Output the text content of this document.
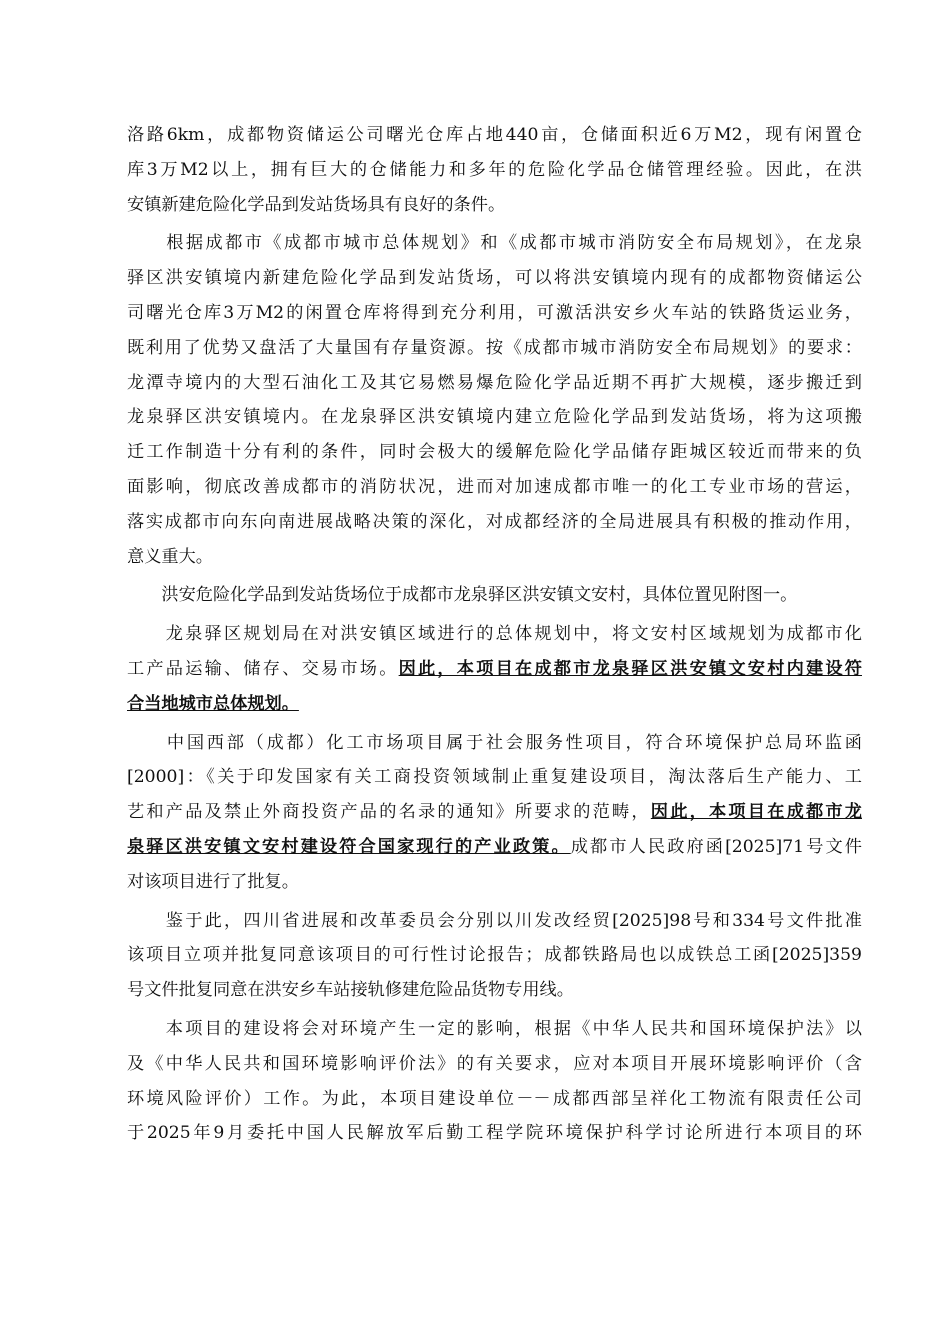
洛路6km，成都物资储运公司曙光仓库占地440亩，仓储面积近6万M2，现有闲置仓
库3万M2以上，拥有巨大的仓储能力和多年的危险化学品仓储管理经验。因此，在洪
安镇新建危险化学品到发站货场具有良好的条件。
　　根据成都市《成都市城市总体规划》和《成都市城市消防安全布局规划》，在龙泉
驿区洪安镇境内新建危险化学品到发站货场，可以将洪安镇境内现有的成都物资储运公
司曙光仓库3万M2的闲置仓库将得到充分利用，可激活洪安乡火车站的铁路货运业务，
既利用了优势又盘活了大量国有存量资源。按《成都市城市消防安全布局规划》的要求：
龙潭寺境内的大型石油化工及其它易燃易爆危险化学品近期不再扩大规模，逐步搬迁到
龙泉驿区洪安镇境内。在龙泉驿区洪安镇境内建立危险化学品到发站货场，将为这项搬
迁工作制造十分有利的条件，同时会极大的缓解危险化学品储存距城区较近而带来的负
面影响，彻底改善成都市的消防状况，进而对加速成都市唯一的化工专业市场的营运，
落实成都市向东向南进展战略决策的深化，对成都经济的全局进展具有积极的推动作用，
意义重大。
　　洪安危险化学品到发站货场位于成都市龙泉驿区洪安镇文安村，具体位置见附图一。
　　龙泉驿区规划局在对洪安镇区域进行的总体规划中，将文安村区域规划为成都市化
工产品运输、储存、交易市场。因此，本项目在成都市龙泉驿区洪安镇文安村内建设符
合当地城市总体规划。
　　中国西部（成都）化工市场项目属于社会服务性项目，符合环境保护总局环监函
[2000]：《关于印发国家有关工商投资领域制止重复建设项目，淘汰落后生产能力、工
艺和产品及禁止外商投资产品的名录的通知》所要求的范畴，因此，本项目在成都市龙
泉驿区洪安镇文安村建设符合国家现行的产业政策。成都市人民政府函[2025]71号文件
对该项目进行了批复。
　　鉴于此，四川省进展和改革委员会分别以川发改经贸[2025]98号和334号文件批准
该项目立项并批复同意该项目的可行性讨论报告；成都铁路局也以成铁总工函[2025]359
号文件批复同意在洪安乡车站接轨修建危险品货物专用线。
　　本项目的建设将会对环境产生一定的影响，根据《中华人民共和国环境保护法》以
及《中华人民共和国环境影响评价法》的有关要求，应对本项目开展环境影响评价（含
环境风险评价）工作。为此，本项目建设单位－－成都西部呈祥化工物流有限责任公司
于2025年9月委托中国人民解放军后勤工程学院环境保护科学讨论所进行本项目的环
